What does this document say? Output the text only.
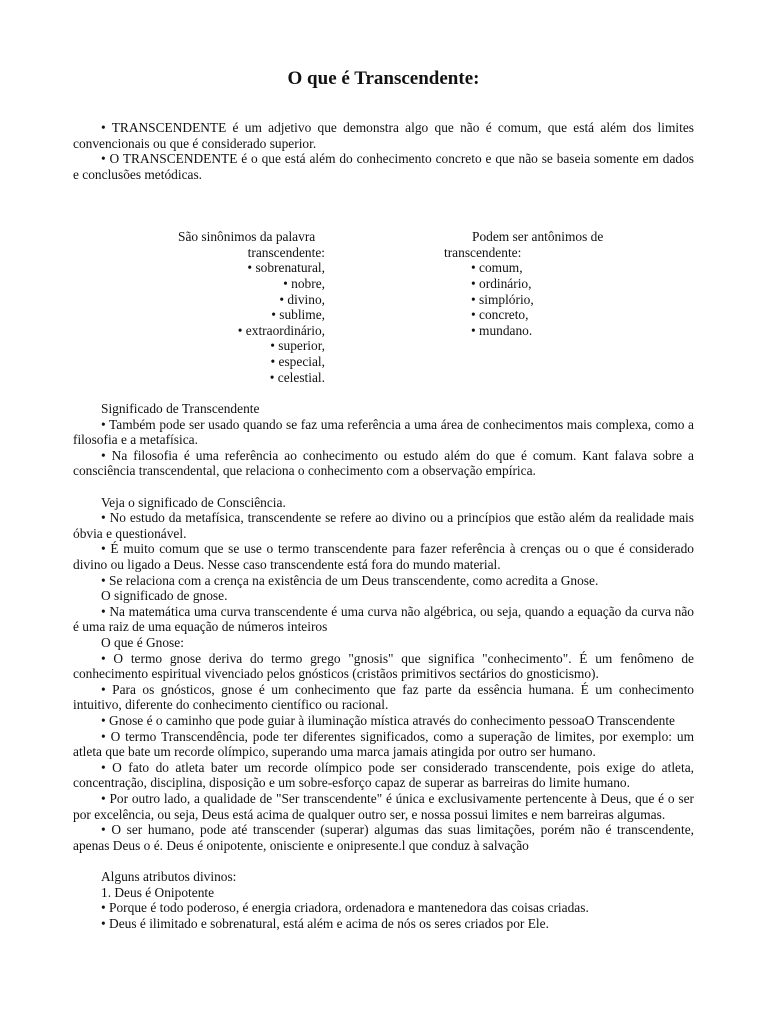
O que é Transcendente:

• TRANSCENDENTE é um adjetivo que demonstra algo que não é comum, que está além dos limites convencionais ou que é considerado superior.

• O TRANSCENDENTE é o que está além do conhecimento concreto e que não se baseia somente em dados e conclusões metódicas.

São sinônimos da palavra
transcendente:
• sobrenatural,
• nobre,
• divino,
• sublime,
• extraordinário,
• superior,
• especial,
• celestial.
Podem ser antônimos de
transcendente:
• comum,
• ordinário,
• simplório,
• concreto,
• mundano.

Significado de Transcendente

• Também pode ser usado quando se faz uma referência a uma área de conhecimentos mais complexa, como a filosofia e a metafísica.

• Na filosofia é uma referência ao conhecimento ou estudo além do que é comum. Kant falava sobre a consciência transcendental, que relaciona o conhecimento com a observação empírica.

Veja o significado de Consciência.

• No estudo da metafísica, transcendente se refere ao divino ou a princípios que estão além da realidade mais óbvia e questionável.

• É muito comum que se use o termo transcendente para fazer referência à crenças ou o que é considerado divino ou ligado a Deus. Nesse caso transcendente está fora do mundo material.

• Se relaciona com a crença na existência de um Deus transcendente, como acredita a Gnose.

O significado de gnose.

• Na matemática uma curva transcendente é uma curva não algébrica, ou seja, quando a equação da curva não é uma raiz de uma equação de números inteiros

O que é Gnose:

• O termo gnose deriva do termo grego "gnosis" que significa "conhecimento". É um fenômeno de conhecimento espiritual vivenciado pelos gnósticos (cristãos primitivos sectários do gnosticismo).

• Para os gnósticos, gnose é um conhecimento que faz parte da essência humana. É um conhecimento intuitivo, diferente do conhecimento científico ou racional.

• Gnose é o caminho que pode guiar à iluminação mística através do conhecimento pessoaO Transcendente

• O termo Transcendência, pode ter diferentes significados, como a superação de limites, por exemplo: um atleta que bate um recorde olímpico, superando uma marca jamais atingida por outro ser humano.

• O fato do atleta bater um recorde olímpico pode ser considerado transcendente, pois exige do atleta, concentração, disciplina, disposição e um sobre-esforço capaz de superar as barreiras do limite humano.

• Por outro lado, a qualidade de "Ser transcendente" é única e exclusivamente pertencente à Deus, que é o ser por excelência, ou seja, Deus está acima de qualquer outro ser, e nossa possui limites e nem barreiras algumas.

• O ser humano, pode até transcender (superar) algumas das suas limitações, porém não é transcendente, apenas Deus o é. Deus é onipotente, onisciente e onipresente.l que conduz à salvação

Alguns atributos divinos:

1. Deus é Onipotente

• Porque é todo poderoso, é energia criadora, ordenadora e mantenedora das coisas criadas.

• Deus é ilimitado e sobrenatural, está além e acima de nós os seres criados por Ele.
